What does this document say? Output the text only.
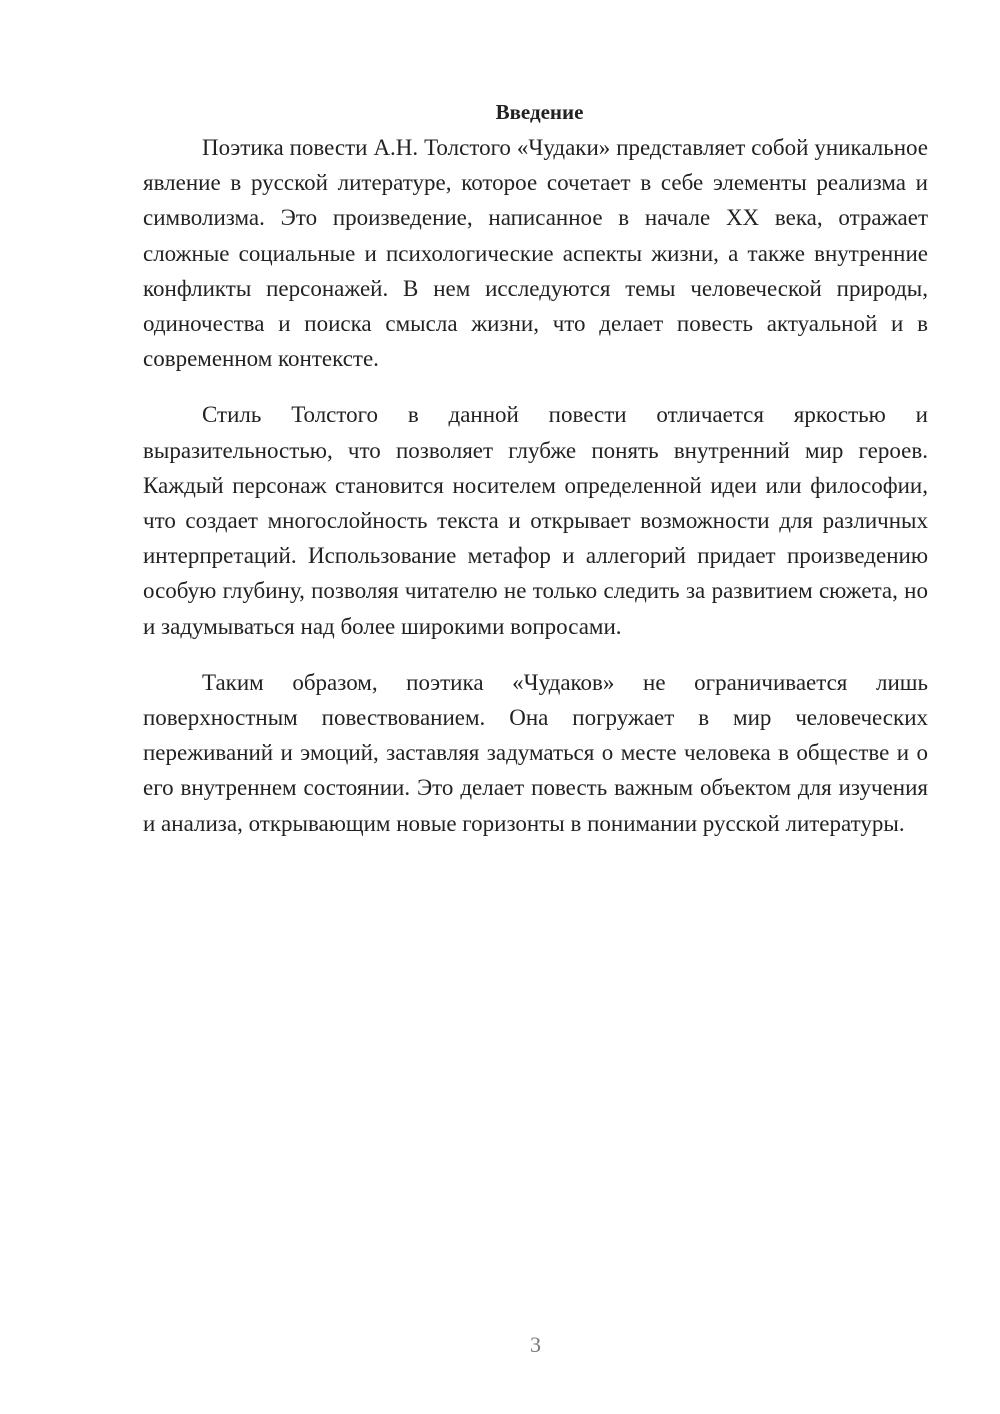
Введение

Поэтика повести А.Н. Толстого «Чудаки» представляет собой уникальное явление в русской литературе, которое сочетает в себе элементы реализма и символизма. Это произведение, написанное в начале XX века, отражает сложные социальные и психологические аспекты жизни, а также внутренние конфликты персонажей. В нем исследуются темы человеческой природы, одиночества и поиска смысла жизни, что делает повесть актуальной и в современном контексте.

Стиль Толстого в данной повести отличается яркостью и выразительностью, что позволяет глубже понять внутренний мир героев. Каждый персонаж становится носителем определенной идеи или философии, что создает многослойность текста и открывает возможности для различных интерпретаций. Использование метафор и аллегорий придает произведению особую глубину, позволяя читателю не только следить за развитием сюжета, но и задумываться над более широкими вопросами.

Таким образом, поэтика «Чудаков» не ограничивается лишь поверхностным повествованием. Она погружает в мир человеческих переживаний и эмоций, заставляя задуматься о месте человека в обществе и о его внутреннем состоянии. Это делает повесть важным объектом для изучения и анализа, открывающим новые горизонты в понимании русской литературы.

3
